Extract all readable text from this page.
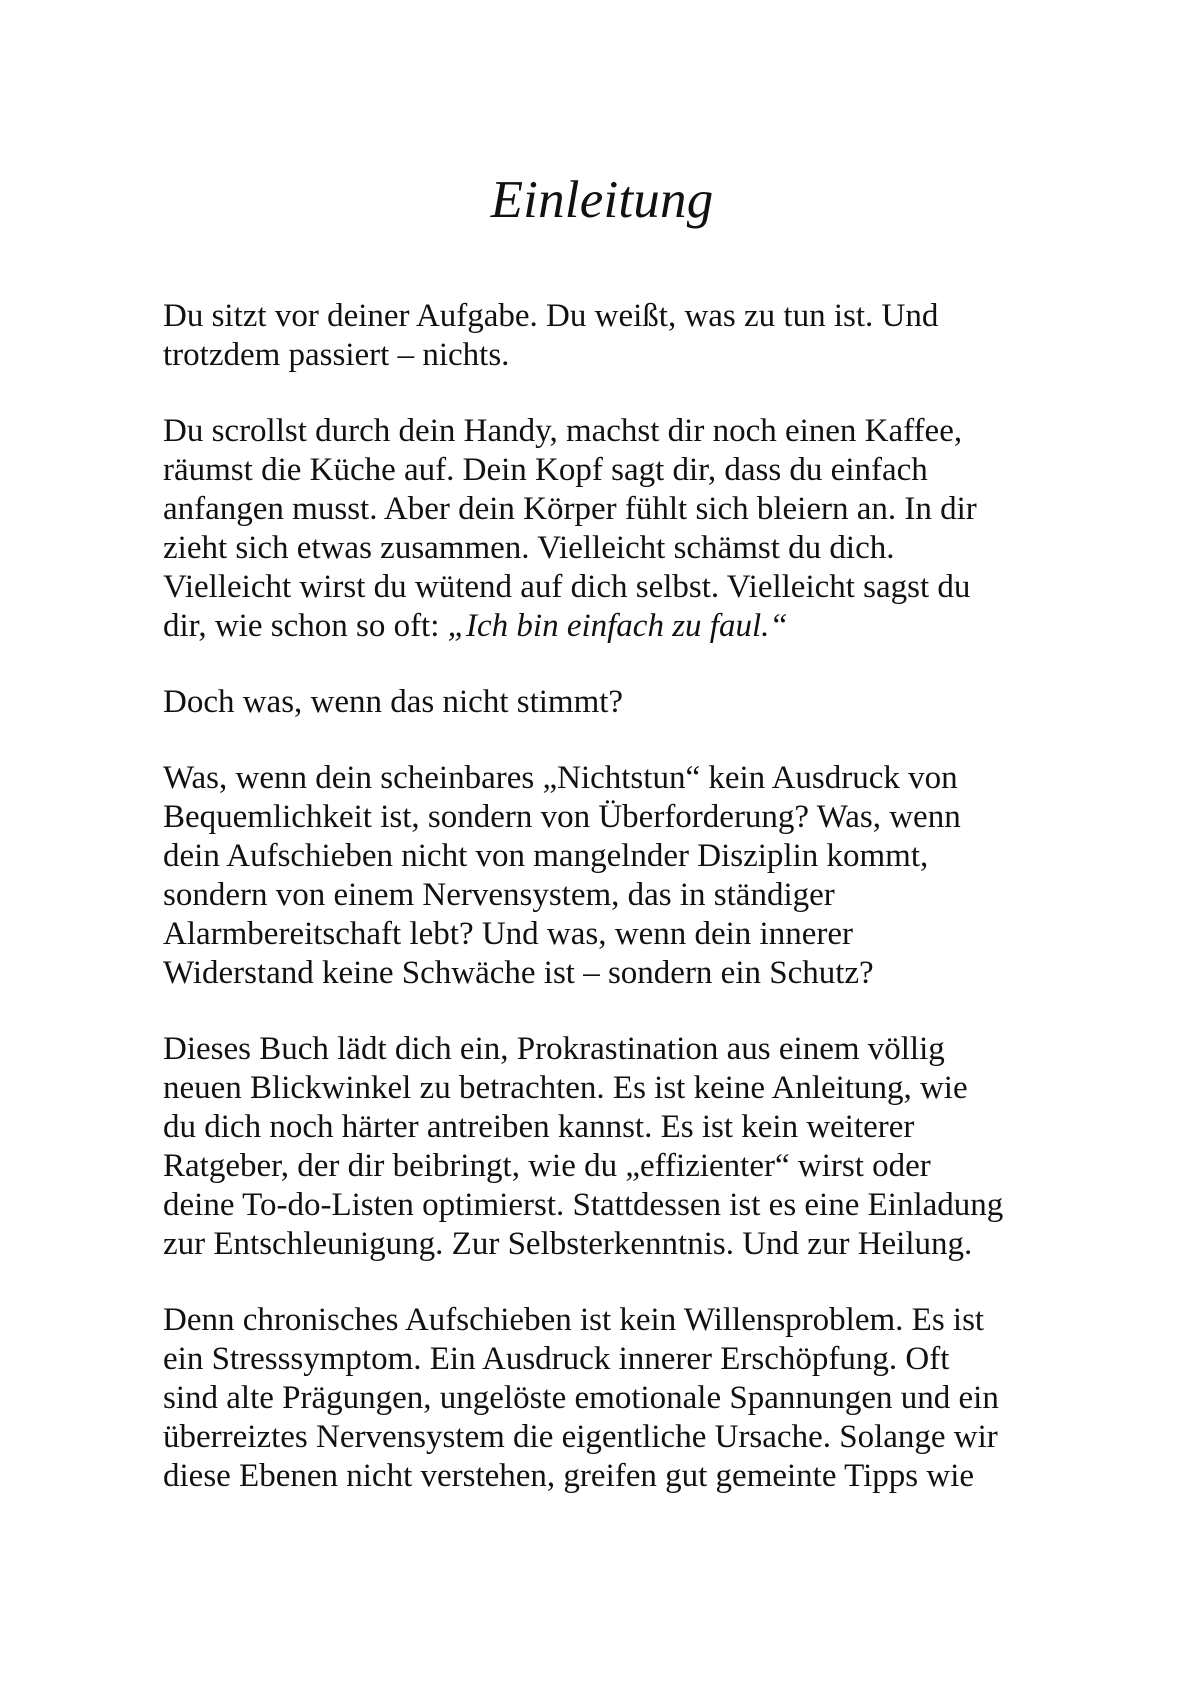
Einleitung

Du sitzt vor deiner Aufgabe. Du weißt, was zu tun ist. Und
trotzdem passiert – nichts.

Du scrollst durch dein Handy, machst dir noch einen Kaffee,
räumst die Küche auf. Dein Kopf sagt dir, dass du einfach
anfangen musst. Aber dein Körper fühlt sich bleiern an. In dir
zieht sich etwas zusammen. Vielleicht schämst du dich.
Vielleicht wirst du wütend auf dich selbst. Vielleicht sagst du
dir, wie schon so oft: „Ich bin einfach zu faul.“

Doch was, wenn das nicht stimmt?

Was, wenn dein scheinbares „Nichtstun“ kein Ausdruck von
Bequemlichkeit ist, sondern von Überforderung? Was, wenn
dein Aufschieben nicht von mangelnder Disziplin kommt,
sondern von einem Nervensystem, das in ständiger
Alarmbereitschaft lebt? Und was, wenn dein innerer
Widerstand keine Schwäche ist – sondern ein Schutz?

Dieses Buch lädt dich ein, Prokrastination aus einem völlig
neuen Blickwinkel zu betrachten. Es ist keine Anleitung, wie
du dich noch härter antreiben kannst. Es ist kein weiterer
Ratgeber, der dir beibringt, wie du „effizienter“ wirst oder
deine To-do-Listen optimierst. Stattdessen ist es eine Einladung
zur Entschleunigung. Zur Selbsterkenntnis. Und zur Heilung.

Denn chronisches Aufschieben ist kein Willensproblem. Es ist
ein Stresssymptom. Ein Ausdruck innerer Erschöpfung. Oft
sind alte Prägungen, ungelöste emotionale Spannungen und ein
überreiztes Nervensystem die eigentliche Ursache. Solange wir
diese Ebenen nicht verstehen, greifen gut gemeinte Tipps wie
